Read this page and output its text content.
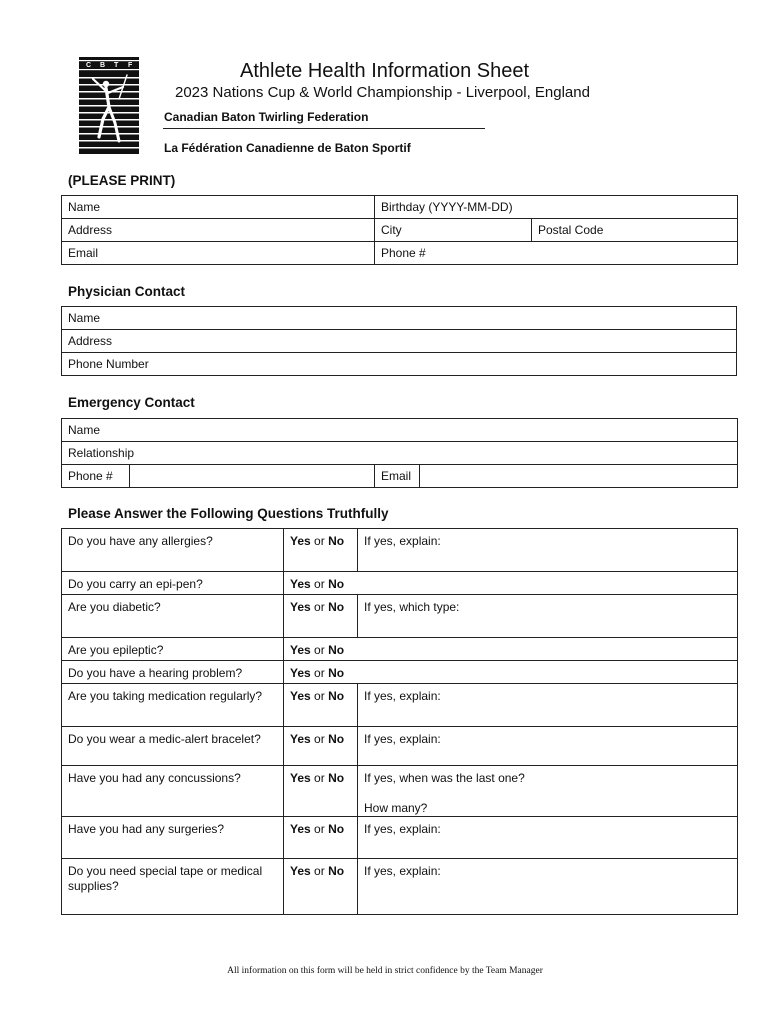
C B T F	Athlete Health Information Sheet
2023 Nations Cup & World Championship - Liverpool, England
Canadian Baton Twirling Federation
La Fédération Canadienne de Baton Sportif
(PLEASE PRINT)
Name	Birthday (YYYY-MM-DD)	
Address	City	Postal Code
Email	Phone #	
Physician Contact
Name
Address
Phone Number
Emergency Contact
Name
Relationship
Phone #		Email	
Please Answer the Following Questions Truthfully
Do you have any allergies?	Yes or No	If yes, explain:

Do you carry an epi-pen?	Yes or No	
Are you diabetic?	Yes or No	If yes, which type:

Are you epileptic?	Yes or No	
Do you have a hearing problem?	Yes or No	
Are you taking medication regularly?	Yes or No	If yes, explain:

Do you wear a medic-alert bracelet?	Yes or No	If yes, explain:

Have you had any concussions?	Yes or No	If yes, when was the last one?
How many?

Have you had any surgeries?	Yes or No	If yes, explain:

Do you need special tape or medical supplies?	Yes or No	If yes, explain:
All information on this form will be held in strict confidence by the Team Manager
